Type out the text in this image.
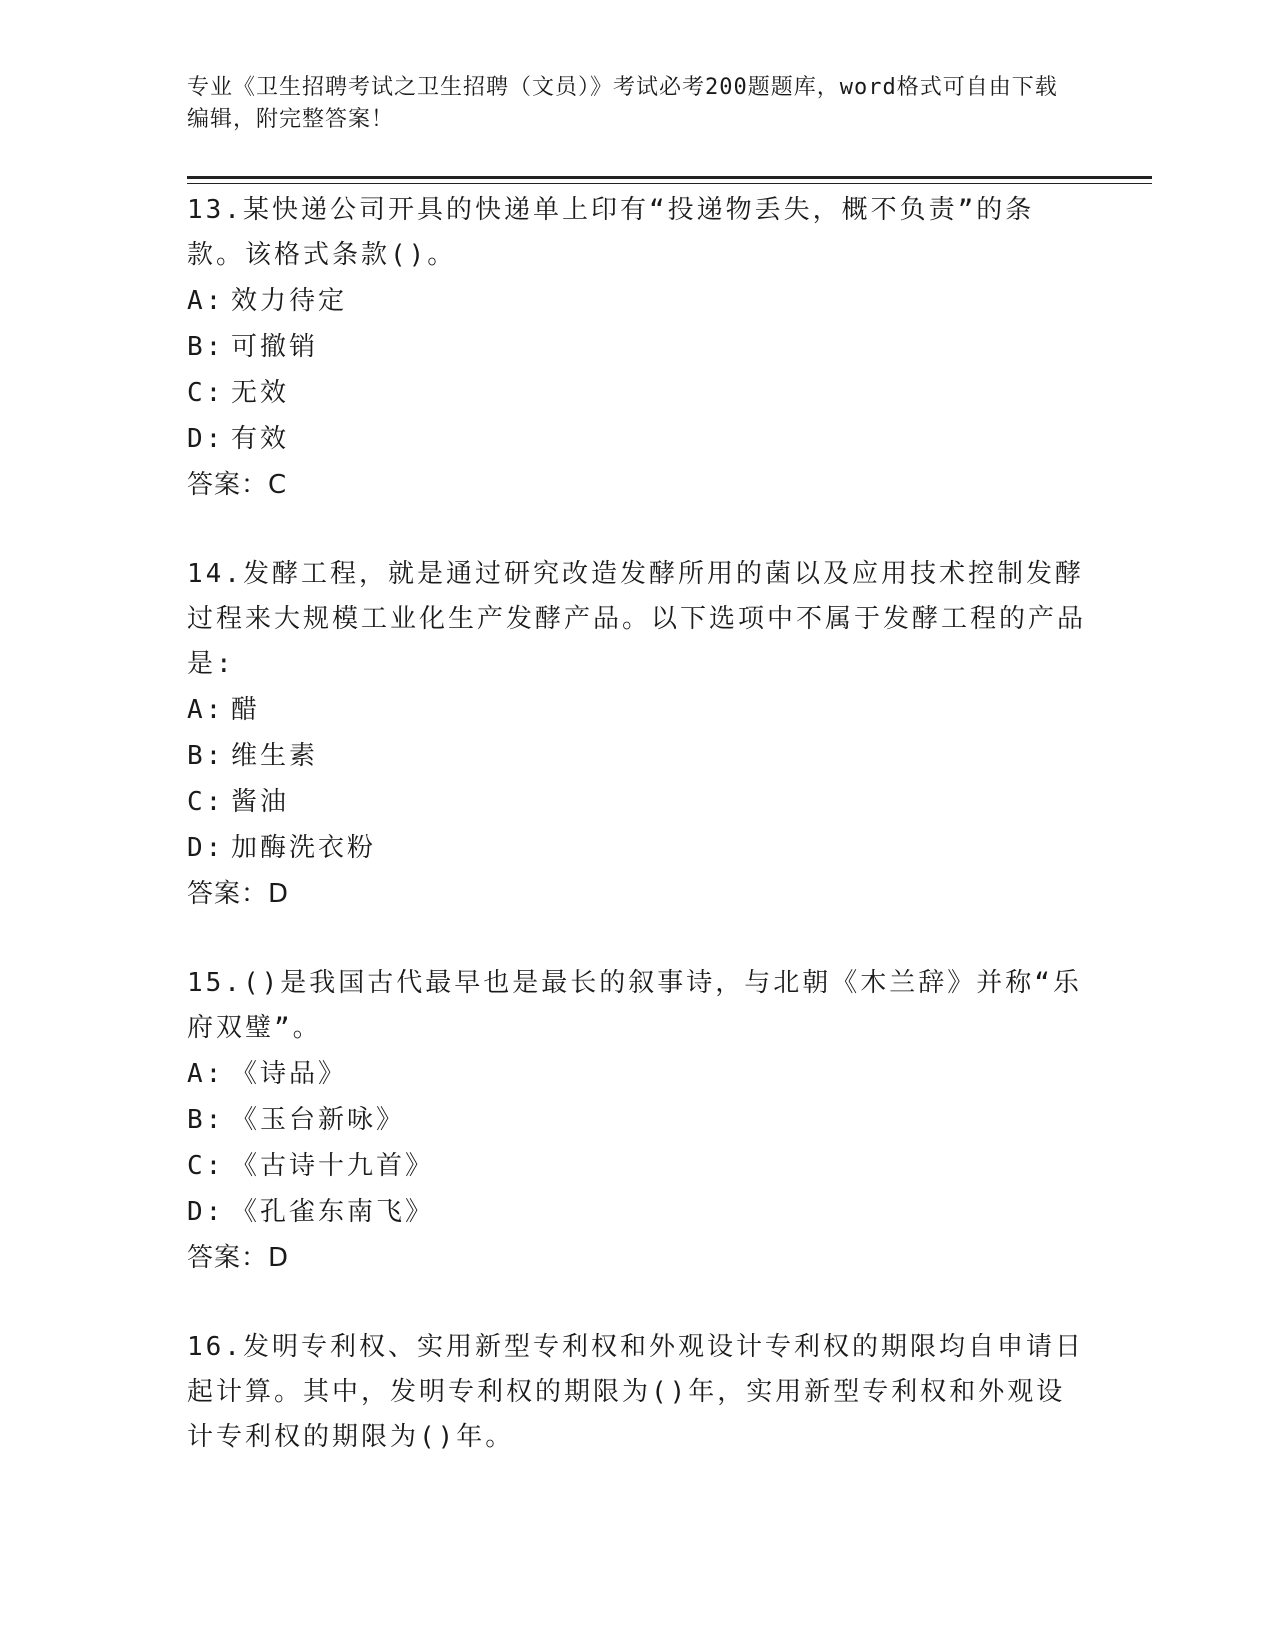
专业《卫生招聘考试之卫生招聘（文员）》考试必考200题题库，word格式可自由下载编辑，附完整答案！
13.某快递公司开具的快递单上印有“投递物丢失，概不负责”的条款。该格式条款()。
A: 效力待定
B: 可撤销
C: 无效
D: 有效
答案：C
14.发酵工程，就是通过研究改造发酵所用的菌以及应用技术控制发酵过程来大规模工业化生产发酵产品。以下选项中不属于发酵工程的产品是:
A: 醋
B: 维生素
C: 酱油
D: 加酶洗衣粉
答案：D
15.()是我国古代最早也是最长的叙事诗，与北朝《木兰辞》并称“乐府双璧”。
A: 《诗品》
B: 《玉台新咏》
C: 《古诗十九首》
D: 《孔雀东南飞》
答案：D
16.发明专利权、实用新型专利权和外观设计专利权的期限均自申请日起计算。其中，发明专利权的期限为()年，实用新型专利权和外观设计专利权的期限为()年。
